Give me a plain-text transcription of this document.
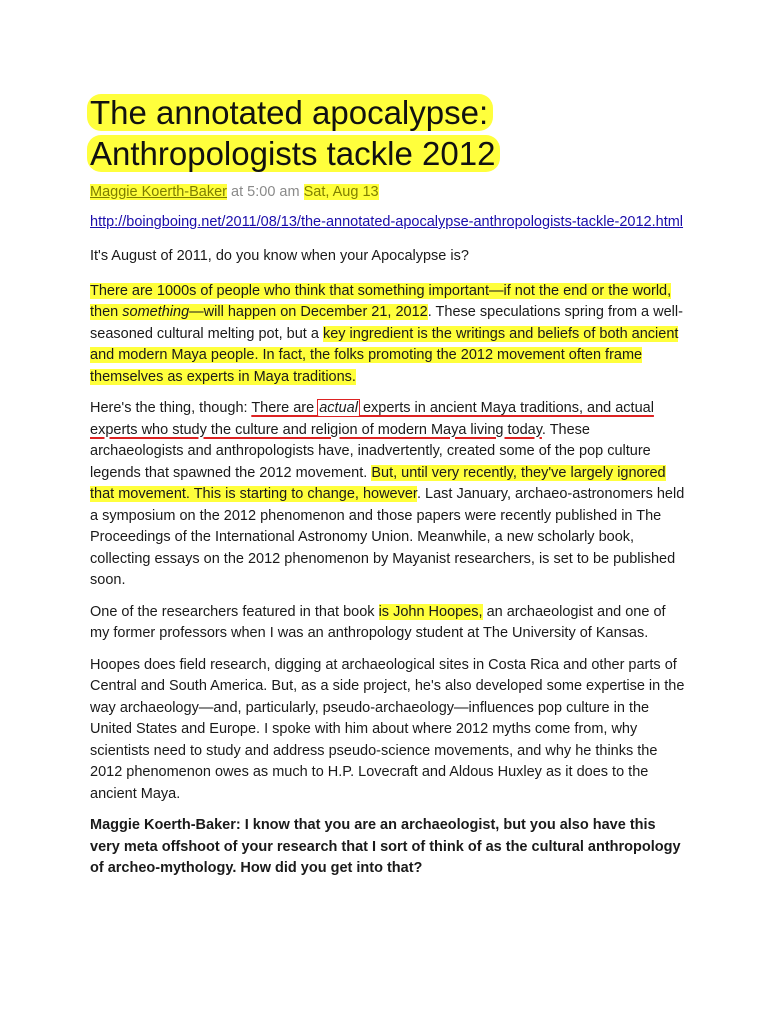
The annotated apocalypse:
Anthropologists tackle 2012
Maggie Koerth-Baker at 5:00 am Sat, Aug 13
http://boingboing.net/2011/08/13/the-annotated-apocalypse-anthropologists-tackle-2012.html

It's August of 2011, do you know when your Apocalypse is?

There are 1000s of people who think that something important—if not the end or the world, then something—will happen on December 21, 2012. These speculations spring from a well-seasoned cultural melting pot, but a key ingredient is the writings and beliefs of both ancient and modern Maya people. In fact, the folks promoting the 2012 movement often frame themselves as experts in Maya traditions.

Here's the thing, though: There are actual experts in ancient Maya traditions, and actual experts who study the culture and religion of modern Maya living today. These archaeologists and anthropologists have, inadvertently, created some of the pop culture legends that spawned the 2012 movement. But, until very recently, they've largely ignored that movement. This is starting to change, however. Last January, archaeo-astronomers held a symposium on the 2012 phenomenon and those papers were recently published in The Proceedings of the International Astronomy Union. Meanwhile, a new scholarly book, collecting essays on the 2012 phenomenon by Mayanist researchers, is set to be published soon.

One of the researchers featured in that book is John Hoopes, an archaeologist and one of my former professors when I was an anthropology student at The University of Kansas.

Hoopes does field research, digging at archaeological sites in Costa Rica and other parts of Central and South America. But, as a side project, he's also developed some expertise in the way archaeology—and, particularly, pseudo-archaeology—influences pop culture in the United States and Europe. I spoke with him about where 2012 myths come from, why scientists need to study and address pseudo-science movements, and why he thinks the 2012 phenomenon owes as much to H.P. Lovecraft and Aldous Huxley as it does to the ancient Maya.

Maggie Koerth-Baker: I know that you are an archaeologist, but you also have this very meta offshoot of your research that I sort of think of as the cultural anthropology of archeo-mythology. How did you get into that?
